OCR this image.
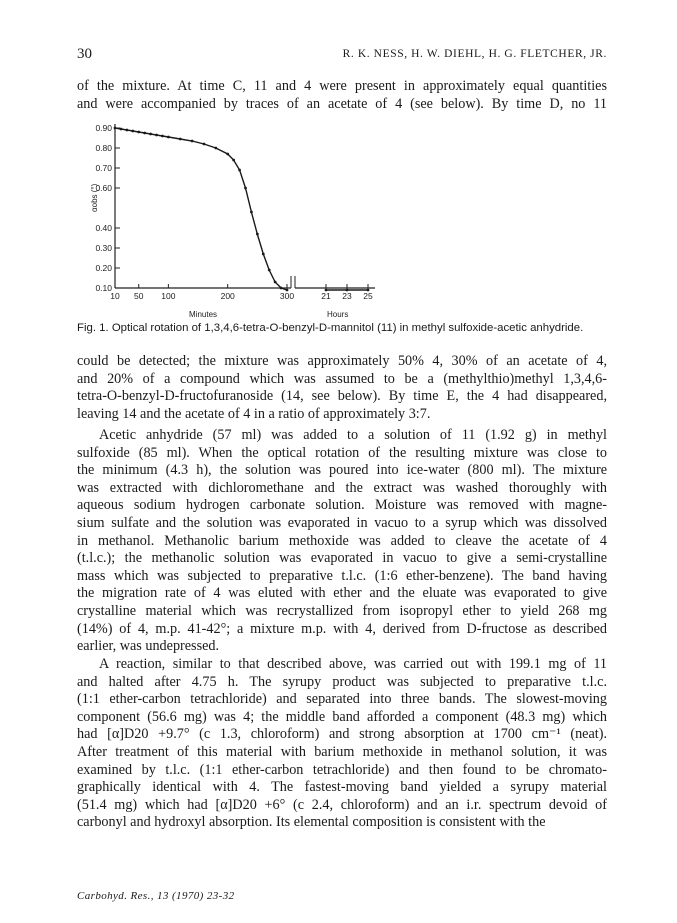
30	R. K. NESS, H. W. DIEHL, H. G. FLETCHER, JR.
of the mixture. At time C, 11 and 4 were present in approximately equal quantities
and were accompanied by traces of an acetate of 4 (see below). By time D, no 11
0.90
0.80
0.70
0.60
0.40
0.30
0.20
0.10
10 50 100	200	300	21 23 25
αobs (°)
Minutes	Hours
Fig. 1. Optical rotation of 1,3,4,6-tetra-O-benzyl-D-mannitol (11) in methyl sulfoxide-acetic anhydride.
could be detected; the mixture was approximately 50% 4, 30% of an acetate of 4,
and 20% of a compound which was assumed to be a (methylthio)methyl 1,3,4,6-
tetra-O-benzyl-D-fructofuranoside (14, see below). By time E, the 4 had disappeared,
leaving 14 and the acetate of 4 in a ratio of approximately 3:7.
Acetic anhydride (57 ml) was added to a solution of 11 (1.92 g) in methyl
sulfoxide (85 ml). When the optical rotation of the resulting mixture was close to
the minimum (4.3 h), the solution was poured into ice-water (800 ml). The mixture
was extracted with dichloromethane and the extract was washed thoroughly with
aqueous sodium hydrogen carbonate solution. Moisture was removed with magne-
sium sulfate and the solution was evaporated in vacuo to a syrup which was dissolved
in methanol. Methanolic barium methoxide was added to cleave the acetate of 4
(t.l.c.); the methanolic solution was evaporated in vacuo to give a semi-crystalline
mass which was subjected to preparative t.l.c. (1:6 ether-benzene). The band having
the migration rate of 4 was eluted with ether and the eluate was evaporated to give
crystalline material which was recrystallized from isopropyl ether to yield 268 mg
(14%) of 4, m.p. 41-42°; a mixture m.p. with 4, derived from D-fructose as described
earlier, was undepressed.
A reaction, similar to that described above, was carried out with 199.1 mg of 11
and halted after 4.75 h. The syrupy product was subjected to preparative t.l.c.
(1:1 ether-carbon tetrachloride) and separated into three bands. The slowest-moving
component (56.6 mg) was 4; the middle band afforded a component (48.3 mg) which
had [α]D20 +9.7° (c 1.3, chloroform) and strong absorption at 1700 cm⁻¹ (neat).
After treatment of this material with barium methoxide in methanol solution, it was
examined by t.l.c. (1:1 ether-carbon tetrachloride) and then found to be chromato-
graphically identical with 4. The fastest-moving band yielded a syrupy material
(51.4 mg) which had [α]D20 +6° (c 2.4, chloroform) and an i.r. spectrum devoid of
carbonyl and hydroxyl absorption. Its elemental composition is consistent with the
Carbohyd. Res., 13 (1970) 23-32
